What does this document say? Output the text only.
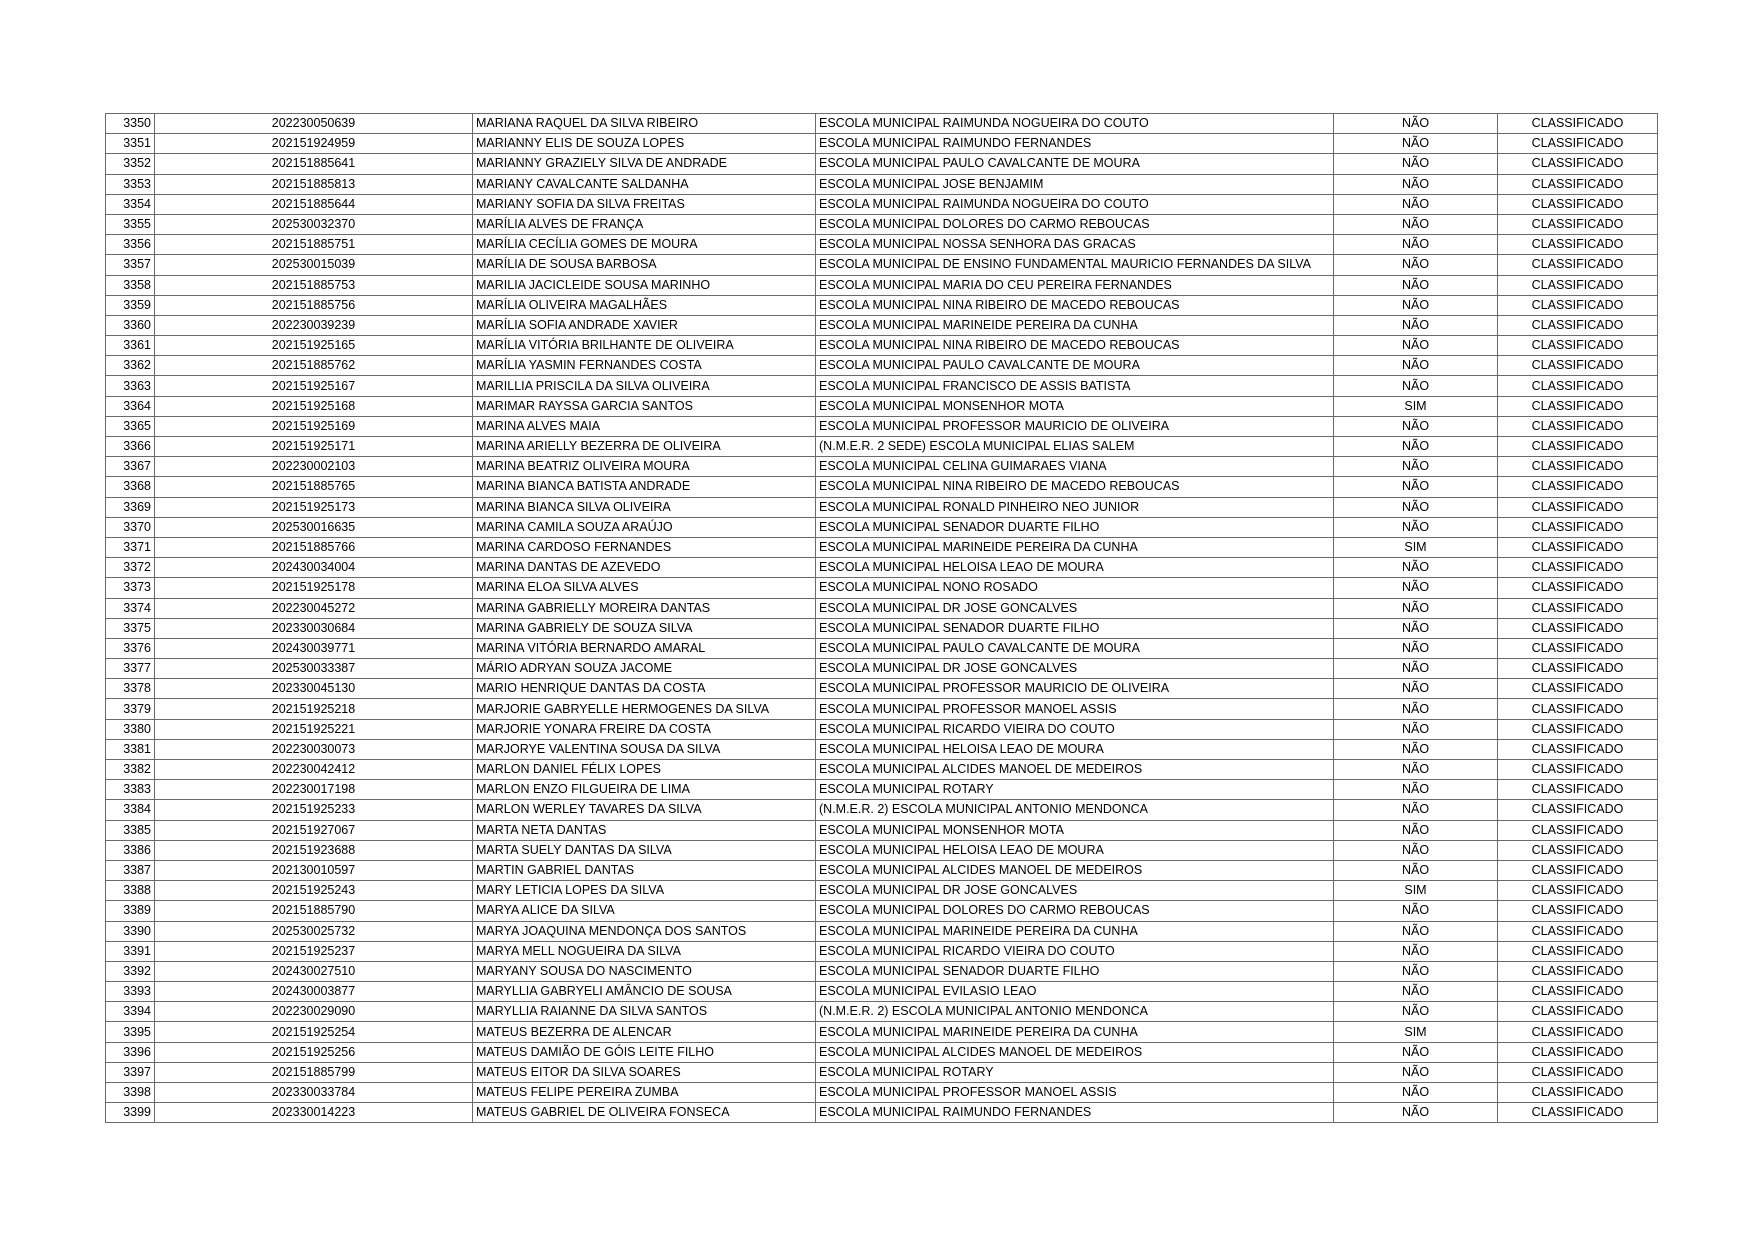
3350	202230050639	MARIANA RAQUEL DA SILVA RIBEIRO	ESCOLA MUNICIPAL RAIMUNDA NOGUEIRA DO COUTO	NÃO	CLASSIFICADO
3351	202151924959	MARIANNY ELIS DE SOUZA LOPES	ESCOLA MUNICIPAL RAIMUNDO FERNANDES	NÃO	CLASSIFICADO
3352	202151885641	MARIANNY GRAZIELY SILVA DE ANDRADE	ESCOLA MUNICIPAL PAULO CAVALCANTE DE MOURA	NÃO	CLASSIFICADO
3353	202151885813	MARIANY CAVALCANTE SALDANHA	ESCOLA MUNICIPAL JOSE BENJAMIM	NÃO	CLASSIFICADO
3354	202151885644	MARIANY SOFIA DA SILVA FREITAS	ESCOLA MUNICIPAL RAIMUNDA NOGUEIRA DO COUTO	NÃO	CLASSIFICADO
3355	202530032370	MARÍLIA ALVES DE FRANÇA	ESCOLA MUNICIPAL DOLORES DO CARMO REBOUCAS	NÃO	CLASSIFICADO
3356	202151885751	MARÍLIA CECÍLIA GOMES DE MOURA	ESCOLA MUNICIPAL NOSSA SENHORA DAS GRACAS	NÃO	CLASSIFICADO
3357	202530015039	MARÍLIA DE SOUSA BARBOSA	ESCOLA MUNICIPAL DE ENSINO FUNDAMENTAL MAURICIO FERNANDES DA SILVA	NÃO	CLASSIFICADO
3358	202151885753	MARILIA JACICLEIDE SOUSA MARINHO	ESCOLA MUNICIPAL MARIA DO CEU PEREIRA FERNANDES	NÃO	CLASSIFICADO
3359	202151885756	MARÍLIA OLIVEIRA MAGALHÃES	ESCOLA MUNICIPAL NINA RIBEIRO DE MACEDO REBOUCAS	NÃO	CLASSIFICADO
3360	202230039239	MARÍLIA SOFIA ANDRADE XAVIER	ESCOLA MUNICIPAL MARINEIDE PEREIRA DA CUNHA	NÃO	CLASSIFICADO
3361	202151925165	MARÍLIA VITÓRIA BRILHANTE DE OLIVEIRA	ESCOLA MUNICIPAL NINA RIBEIRO DE MACEDO REBOUCAS	NÃO	CLASSIFICADO
3362	202151885762	MARÍLIA YASMIN FERNANDES COSTA	ESCOLA MUNICIPAL PAULO CAVALCANTE DE MOURA	NÃO	CLASSIFICADO
3363	202151925167	MARILLIA PRISCILA DA SILVA OLIVEIRA	ESCOLA MUNICIPAL FRANCISCO DE ASSIS BATISTA	NÃO	CLASSIFICADO
3364	202151925168	MARIMAR RAYSSA GARCIA SANTOS	ESCOLA MUNICIPAL MONSENHOR MOTA	SIM	CLASSIFICADO
3365	202151925169	MARINA ALVES MAIA	ESCOLA MUNICIPAL PROFESSOR MAURICIO DE OLIVEIRA	NÃO	CLASSIFICADO
3366	202151925171	MARINA ARIELLY BEZERRA DE OLIVEIRA	(N.M.E.R. 2 SEDE) ESCOLA MUNICIPAL ELIAS SALEM	NÃO	CLASSIFICADO
3367	202230002103	MARINA BEATRIZ OLIVEIRA MOURA	ESCOLA MUNICIPAL CELINA GUIMARAES VIANA	NÃO	CLASSIFICADO
3368	202151885765	MARINA BIANCA BATISTA ANDRADE	ESCOLA MUNICIPAL NINA RIBEIRO DE MACEDO REBOUCAS	NÃO	CLASSIFICADO
3369	202151925173	MARINA BIANCA SILVA OLIVEIRA	ESCOLA MUNICIPAL RONALD PINHEIRO NEO JUNIOR	NÃO	CLASSIFICADO
3370	202530016635	MARINA CAMILA SOUZA ARAÚJO	ESCOLA MUNICIPAL SENADOR DUARTE FILHO	NÃO	CLASSIFICADO
3371	202151885766	MARINA CARDOSO FERNANDES	ESCOLA MUNICIPAL MARINEIDE PEREIRA DA CUNHA	SIM	CLASSIFICADO
3372	202430034004	MARINA DANTAS DE AZEVEDO	ESCOLA MUNICIPAL HELOISA LEAO DE MOURA	NÃO	CLASSIFICADO
3373	202151925178	MARINA ELOA SILVA ALVES	ESCOLA MUNICIPAL NONO ROSADO	NÃO	CLASSIFICADO
3374	202230045272	MARINA GABRIELLY MOREIRA DANTAS	ESCOLA MUNICIPAL DR JOSE GONCALVES	NÃO	CLASSIFICADO
3375	202330030684	MARINA GABRIELY DE SOUZA SILVA	ESCOLA MUNICIPAL SENADOR DUARTE FILHO	NÃO	CLASSIFICADO
3376	202430039771	MARINA VITÓRIA BERNARDO AMARAL	ESCOLA MUNICIPAL PAULO CAVALCANTE DE MOURA	NÃO	CLASSIFICADO
3377	202530033387	MÁRIO ADRYAN SOUZA JACOME	ESCOLA MUNICIPAL DR JOSE GONCALVES	NÃO	CLASSIFICADO
3378	202330045130	MARIO HENRIQUE DANTAS DA COSTA	ESCOLA MUNICIPAL PROFESSOR MAURICIO DE OLIVEIRA	NÃO	CLASSIFICADO
3379	202151925218	MARJORIE GABRYELLE HERMOGENES DA SILVA	ESCOLA MUNICIPAL PROFESSOR MANOEL ASSIS	NÃO	CLASSIFICADO
3380	202151925221	MARJORIE YONARA FREIRE DA COSTA	ESCOLA MUNICIPAL RICARDO VIEIRA DO COUTO	NÃO	CLASSIFICADO
3381	202230030073	MARJORYE VALENTINA SOUSA DA SILVA	ESCOLA MUNICIPAL HELOISA LEAO DE MOURA	NÃO	CLASSIFICADO
3382	202230042412	MARLON DANIEL FÉLIX LOPES	ESCOLA MUNICIPAL ALCIDES MANOEL DE MEDEIROS	NÃO	CLASSIFICADO
3383	202230017198	MARLON ENZO FILGUEIRA DE LIMA	ESCOLA MUNICIPAL ROTARY	NÃO	CLASSIFICADO
3384	202151925233	MARLON WERLEY TAVARES DA SILVA	(N.M.E.R. 2) ESCOLA MUNICIPAL ANTONIO MENDONCA	NÃO	CLASSIFICADO
3385	202151927067	MARTA NETA DANTAS	ESCOLA MUNICIPAL MONSENHOR MOTA	NÃO	CLASSIFICADO
3386	202151923688	MARTA SUELY DANTAS DA SILVA	ESCOLA MUNICIPAL HELOISA LEAO DE MOURA	NÃO	CLASSIFICADO
3387	202130010597	MARTIN GABRIEL DANTAS	ESCOLA MUNICIPAL ALCIDES MANOEL DE MEDEIROS	NÃO	CLASSIFICADO
3388	202151925243	MARY LETICIA LOPES DA SILVA	ESCOLA MUNICIPAL DR JOSE GONCALVES	SIM	CLASSIFICADO
3389	202151885790	MARYA ALICE DA SILVA	ESCOLA MUNICIPAL DOLORES DO CARMO REBOUCAS	NÃO	CLASSIFICADO
3390	202530025732	MARYA JOAQUINA MENDONÇA DOS SANTOS	ESCOLA MUNICIPAL MARINEIDE PEREIRA DA CUNHA	NÃO	CLASSIFICADO
3391	202151925237	MARYA MELL NOGUEIRA DA SILVA	ESCOLA MUNICIPAL RICARDO VIEIRA DO COUTO	NÃO	CLASSIFICADO
3392	202430027510	MARYANY SOUSA DO NASCIMENTO	ESCOLA MUNICIPAL SENADOR DUARTE FILHO	NÃO	CLASSIFICADO
3393	202430003877	MARYLLIA GABRYELI AMÂNCIO DE SOUSA	ESCOLA MUNICIPAL EVILASIO LEAO	NÃO	CLASSIFICADO
3394	202230029090	MARYLLIA RAIANNE DA SILVA SANTOS	(N.M.E.R. 2) ESCOLA MUNICIPAL ANTONIO MENDONCA	NÃO	CLASSIFICADO
3395	202151925254	MATEUS BEZERRA DE ALENCAR	ESCOLA MUNICIPAL MARINEIDE PEREIRA DA CUNHA	SIM	CLASSIFICADO
3396	202151925256	MATEUS DAMIÃO DE GÓIS LEITE FILHO	ESCOLA MUNICIPAL ALCIDES MANOEL DE MEDEIROS	NÃO	CLASSIFICADO
3397	202151885799	MATEUS EITOR DA SILVA SOARES	ESCOLA MUNICIPAL ROTARY	NÃO	CLASSIFICADO
3398	202330033784	MATEUS FELIPE PEREIRA ZUMBA	ESCOLA MUNICIPAL PROFESSOR MANOEL ASSIS	NÃO	CLASSIFICADO
3399	202330014223	MATEUS GABRIEL DE OLIVEIRA FONSECA	ESCOLA MUNICIPAL RAIMUNDO FERNANDES	NÃO	CLASSIFICADO
